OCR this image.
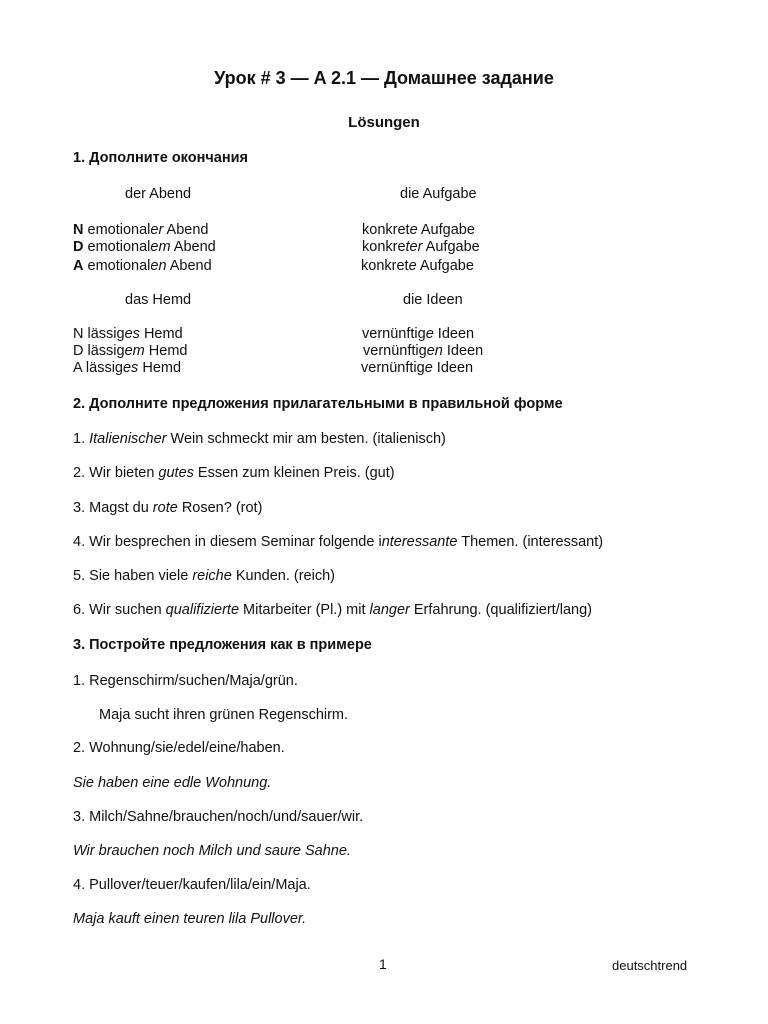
Урок # 3 — A 2.1 — Домашнее задание
Lösungen
1. Дополните окончания
der Abend	die Aufgabe
N emotionaler Abend	konkrete Aufgabe
D emotionalem Abend	konkreter Aufgabe
A emotionalen Abend	konkrete Aufgabe
das Hemd	die Ideen
N lässiges Hemd	vernünftige Ideen
D lässigem Hemd	vernünftigen Ideen
A lässiges Hemd	vernünftige Ideen
2. Дополните предложения прилагательными в правильной форме
1. Italienischer Wein schmeckt mir am besten. (italienisch)
2. Wir bieten gutes Essen zum kleinen Preis. (gut)
3. Magst du rote Rosen? (rot)
4. Wir besprechen in diesem Seminar folgende interessante Themen. (interessant)
5. Sie haben viele reiche Kunden. (reich)
6. Wir suchen qualifizierte Mitarbeiter (Pl.) mit langer Erfahrung. (qualifiziert/lang)
3. Постройте предложения как в примере
1. Regenschirm/suchen/Maja/grün.
Maja sucht ihren grünen Regenschirm.
2. Wohnung/sie/edel/eine/haben.
Sie haben eine edle Wohnung.
3. Milch/Sahne/brauchen/noch/und/sauer/wir.
Wir brauchen noch Milch und saure Sahne.
4. Pullover/teuer/kaufen/lila/ein/Maja.
Maja kauft einen teuren lila Pullover.
1	deutschtrend
